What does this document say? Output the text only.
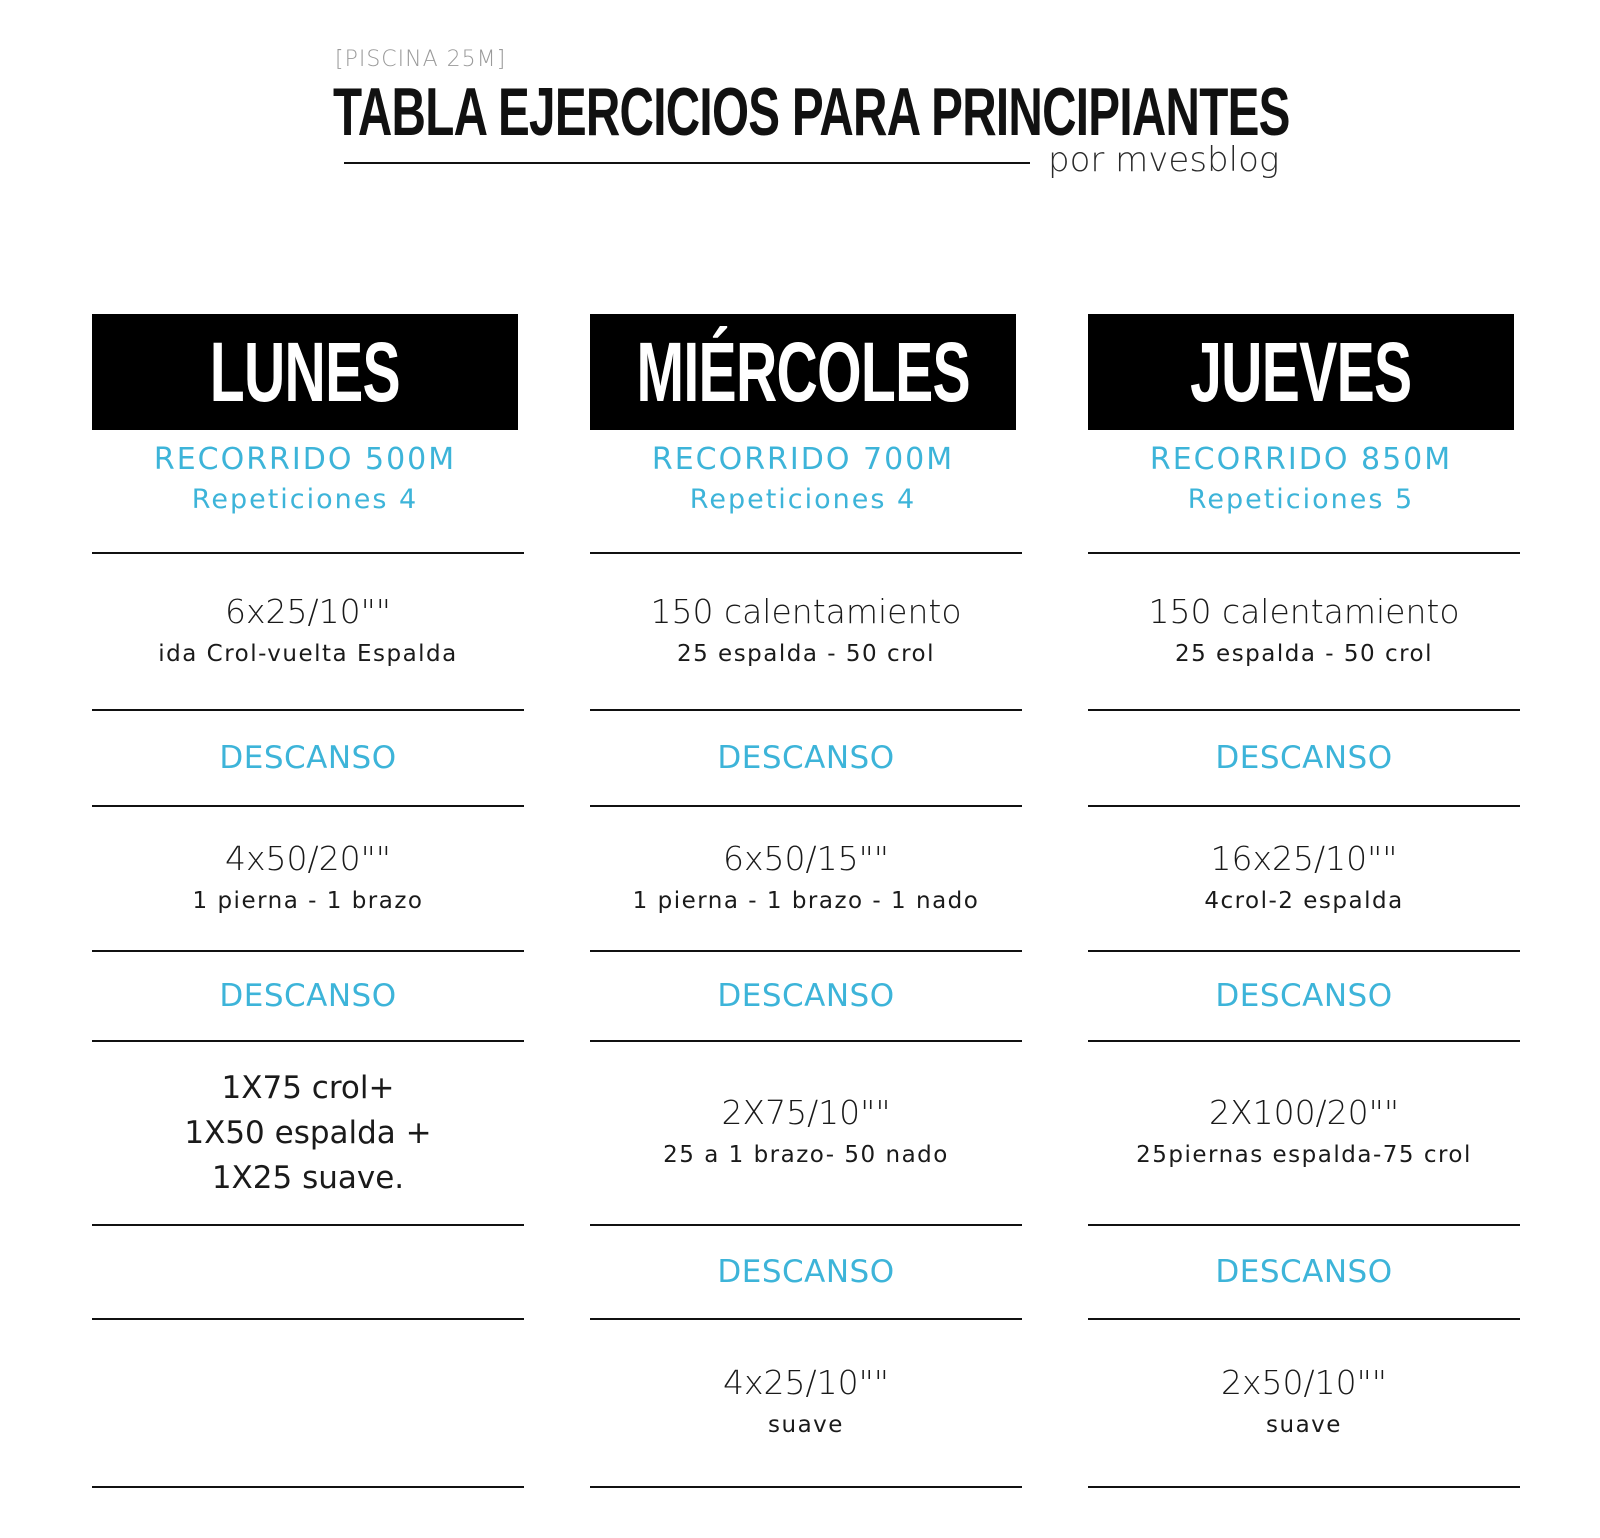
[PISCINA 25M]
TABLA EJERCICIOS PARA PRINCIPIANTES
por mvesblog
LUNES
RECORRIDO 500M
Repeticiones 4
6x25/10""
ida Crol-vuelta Espalda
DESCANSO
4x50/20""
1 pierna - 1 brazo
DESCANSO
1X75 crol+
1X50 espalda +
1X25 suave.
MIÉRCOLES
RECORRIDO 700M
Repeticiones 4
150 calentamiento
25 espalda - 50 crol
DESCANSO
6x50/15""
1 pierna - 1 brazo - 1 nado
DESCANSO
2X75/10""
25 a 1 brazo- 50 nado
DESCANSO
4x25/10""
suave
JUEVES
RECORRIDO 850M
Repeticiones 5
150 calentamiento
25 espalda - 50 crol
DESCANSO
16x25/10""
4crol-2 espalda
DESCANSO
2X100/20""
25piernas espalda-75 crol
DESCANSO
2x50/10""
suave
